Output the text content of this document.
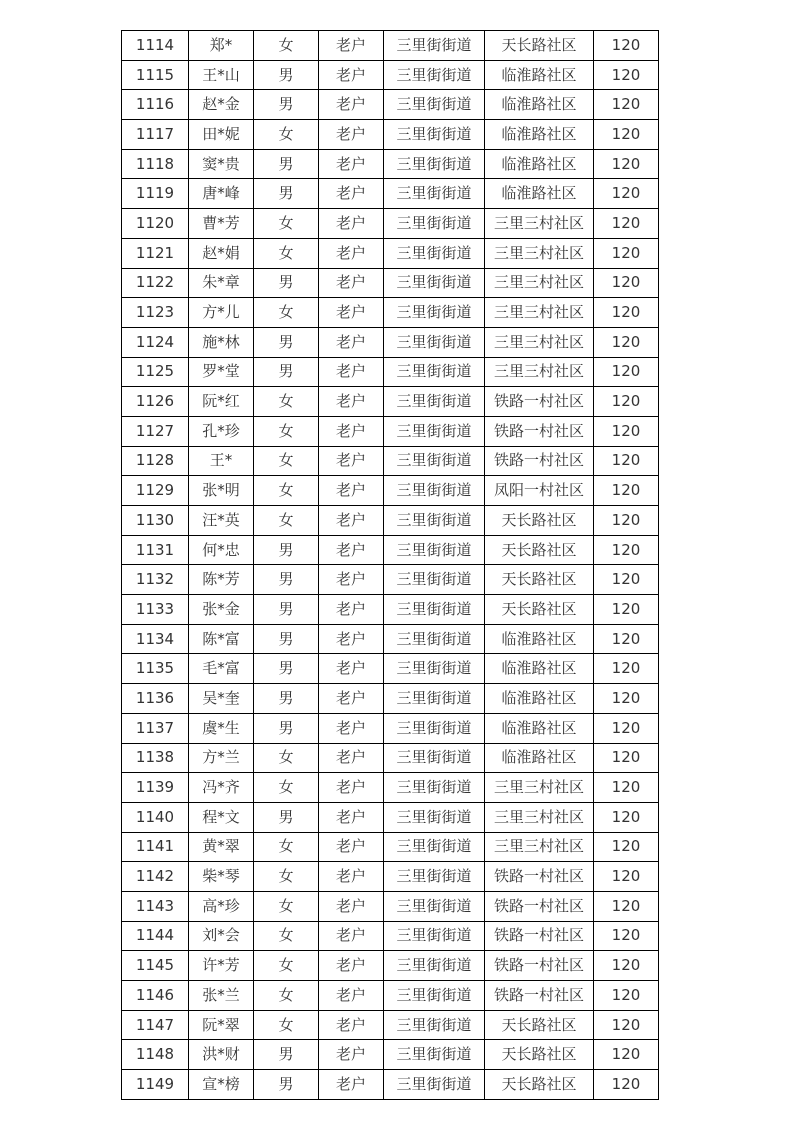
1114	郑*	女	老户	三里街街道	天长路社区	120
1115	王*山	男	老户	三里街街道	临淮路社区	120
1116	赵*金	男	老户	三里街街道	临淮路社区	120
1117	田*妮	女	老户	三里街街道	临淮路社区	120
1118	窦*贵	男	老户	三里街街道	临淮路社区	120
1119	唐*峰	男	老户	三里街街道	临淮路社区	120
1120	曹*芳	女	老户	三里街街道	三里三村社区	120
1121	赵*娟	女	老户	三里街街道	三里三村社区	120
1122	朱*章	男	老户	三里街街道	三里三村社区	120
1123	方*儿	女	老户	三里街街道	三里三村社区	120
1124	施*林	男	老户	三里街街道	三里三村社区	120
1125	罗*堂	男	老户	三里街街道	三里三村社区	120
1126	阮*红	女	老户	三里街街道	铁路一村社区	120
1127	孔*珍	女	老户	三里街街道	铁路一村社区	120
1128	王*	女	老户	三里街街道	铁路一村社区	120
1129	张*明	女	老户	三里街街道	凤阳一村社区	120
1130	汪*英	女	老户	三里街街道	天长路社区	120
1131	何*忠	男	老户	三里街街道	天长路社区	120
1132	陈*芳	男	老户	三里街街道	天长路社区	120
1133	张*金	男	老户	三里街街道	天长路社区	120
1134	陈*富	男	老户	三里街街道	临淮路社区	120
1135	毛*富	男	老户	三里街街道	临淮路社区	120
1136	吴*奎	男	老户	三里街街道	临淮路社区	120
1137	虞*生	男	老户	三里街街道	临淮路社区	120
1138	方*兰	女	老户	三里街街道	临淮路社区	120
1139	冯*齐	女	老户	三里街街道	三里三村社区	120
1140	程*文	男	老户	三里街街道	三里三村社区	120
1141	黄*翠	女	老户	三里街街道	三里三村社区	120
1142	柴*琴	女	老户	三里街街道	铁路一村社区	120
1143	高*珍	女	老户	三里街街道	铁路一村社区	120
1144	刘*会	女	老户	三里街街道	铁路一村社区	120
1145	许*芳	女	老户	三里街街道	铁路一村社区	120
1146	张*兰	女	老户	三里街街道	铁路一村社区	120
1147	阮*翠	女	老户	三里街街道	天长路社区	120
1148	洪*财	男	老户	三里街街道	天长路社区	120
1149	宣*榜	男	老户	三里街街道	天长路社区	120
